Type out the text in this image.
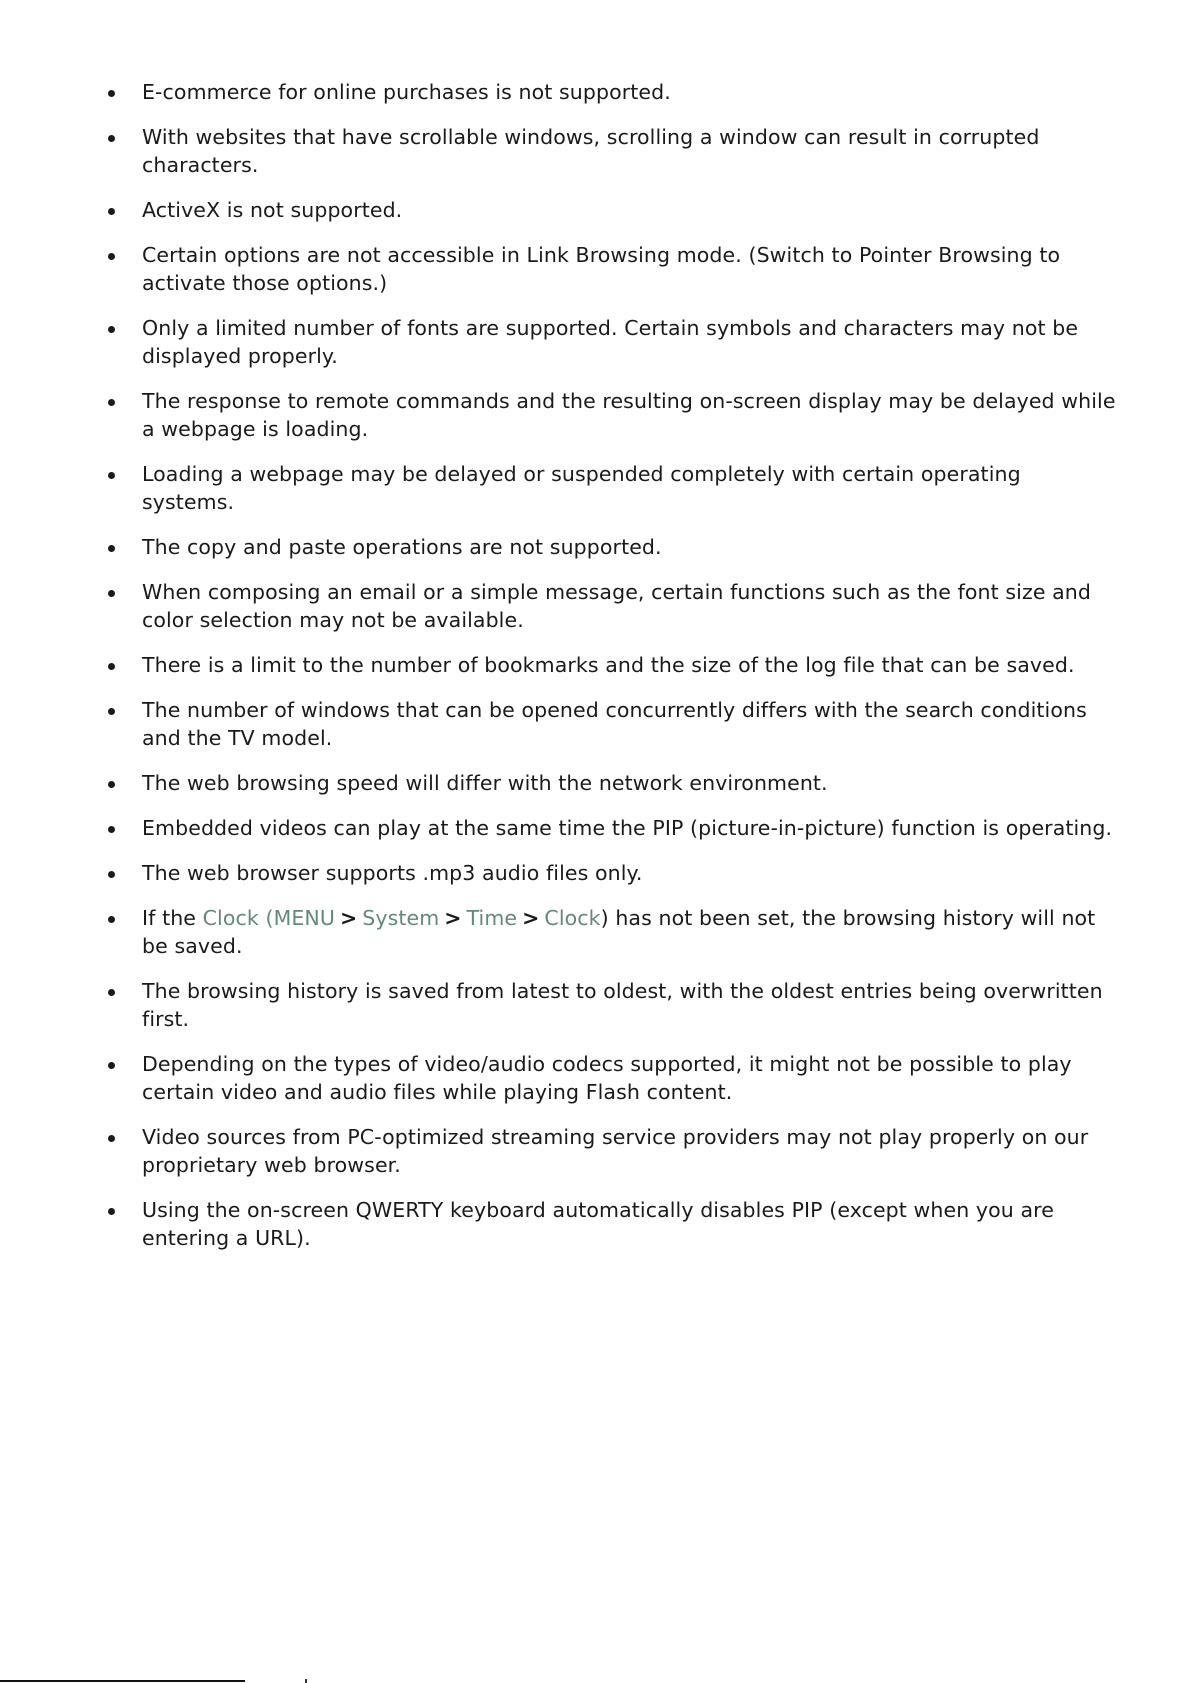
E-commerce for online purchases is not supported.
With websites that have scrollable windows, scrolling a window can result in corrupted characters.
ActiveX is not supported.
Certain options are not accessible in Link Browsing mode. (Switch to Pointer Browsing to activate those options.)
Only a limited number of fonts are supported. Certain symbols and characters may not be displayed properly.
The response to remote commands and the resulting on-screen display may be delayed while a webpage is loading.
Loading a webpage may be delayed or suspended completely with certain operating systems.
The copy and paste operations are not supported.
When composing an email or a simple message, certain functions such as the font size and color selection may not be available.
There is a limit to the number of bookmarks and the size of the log file that can be saved.
The number of windows that can be opened concurrently differs with the search conditions and the TV model.
The web browsing speed will differ with the network environment.
Embedded videos can play at the same time the PIP (picture-in-picture) function is operating.
The web browser supports .mp3 audio files only.
If the Clock (MENU > System > Time > Clock) has not been set, the browsing history will not be saved.
The browsing history is saved from latest to oldest, with the oldest entries being overwritten first.
Depending on the types of video/audio codecs supported, it might not be possible to play certain video and audio files while playing Flash content.
Video sources from PC-optimized streaming service providers may not play properly on our proprietary web browser.
Using the on-screen QWERTY keyboard automatically disables PIP (except when you are entering a URL).
